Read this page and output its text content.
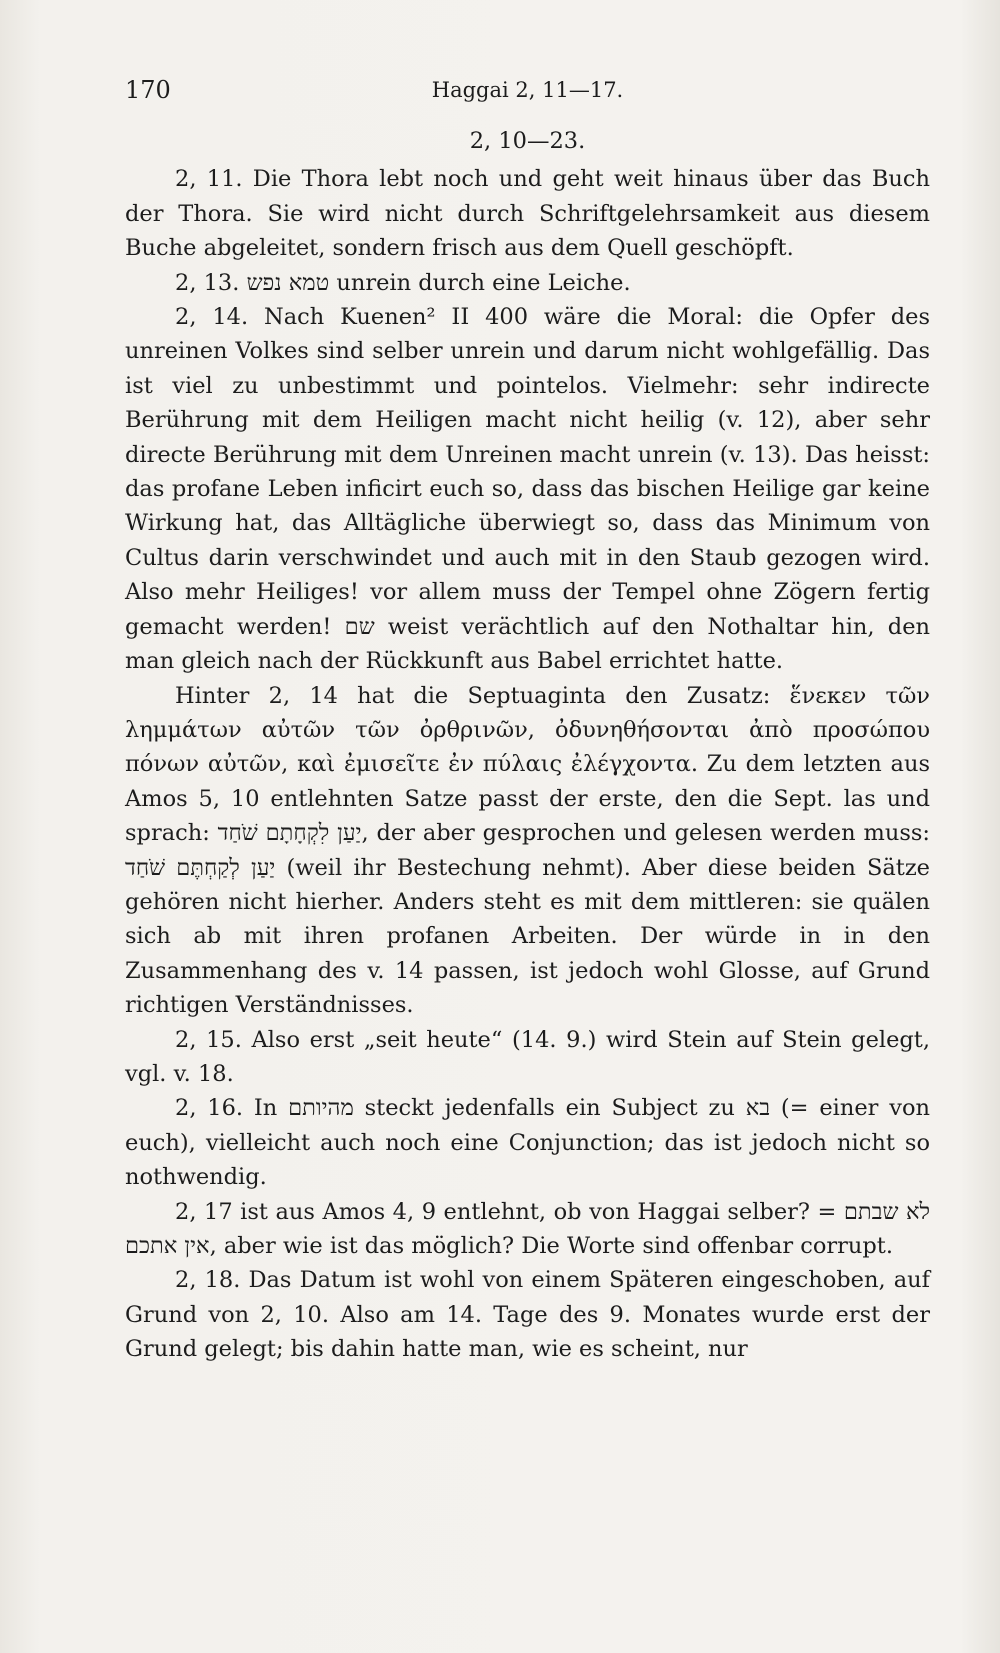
170	Haggai 2, 11—17.
2, 10—23.

2, 11. Die Thora lebt noch und geht weit hinaus über das Buch der Thora. Sie wird nicht durch Schriftgelehrsamkeit aus diesem Buche abgeleitet, sondern frisch aus dem Quell geschöpft.

2, 13. טמא נפש unrein durch eine Leiche.

2, 14. Nach Kuenen² II 400 wäre die Moral: die Opfer des unreinen Volkes sind selber unrein und darum nicht wohlgefällig. Das ist viel zu unbestimmt und pointelos. Vielmehr: sehr indirecte Berührung mit dem Heiligen macht nicht heilig (v. 12), aber sehr directe Berührung mit dem Unreinen macht unrein (v. 13). Das heisst: das profane Leben inficirt euch so, dass das bischen Heilige gar keine Wirkung hat, das Alltägliche überwiegt so, dass das Minimum von Cultus darin verschwindet und auch mit in den Staub gezogen wird. Also mehr Heiliges! vor allem muss der Tempel ohne Zögern fertig gemacht werden! שם weist verächtlich auf den Nothaltar hin, den man gleich nach der Rückkunft aus Babel errichtet hatte.

Hinter 2, 14 hat die Septuaginta den Zusatz: ἕνεκεν τῶν λημμάτων αὐτῶν τῶν ὀρθρινῶν, ὀδυνηθήσονται ἀπὸ προσώπου πόνων αὐτῶν, καὶ ἐμισεῖτε ἐν πύλαις ἐλέγχοντα. Zu dem letzten aus Amos 5, 10 entlehnten Satze passt der erste, den die Sept. las und sprach: יַעַן לִקְחָתָם שֹׁחַד, der aber gesprochen und gelesen werden muss: יַעַן לְקַחְתֶּם שֹׁחַד (weil ihr Bestechung nehmt). Aber diese beiden Sätze gehören nicht hierher. Anders steht es mit dem mittleren: sie quälen sich ab mit ihren profanen Arbeiten. Der würde in in den Zusammenhang des v. 14 passen, ist jedoch wohl Glosse, auf Grund richtigen Verständnisses.

2, 15. Also erst „seit heute“ (14. 9.) wird Stein auf Stein gelegt, vgl. v. 18.

2, 16. In מהיותם steckt jedenfalls ein Subject zu בא (= einer von euch), vielleicht auch noch eine Conjunction; das ist jedoch nicht so nothwendig.

2, 17 ist aus Amos 4, 9 entlehnt, ob von Haggai selber? לא שבתם = אין אתכם, aber wie ist das möglich? Die Worte sind offenbar corrupt.

2, 18. Das Datum ist wohl von einem Späteren eingeschoben, auf Grund von 2, 10. Also am 14. Tage des 9. Monates wurde erst der Grund gelegt; bis dahin hatte man, wie es scheint, nur
